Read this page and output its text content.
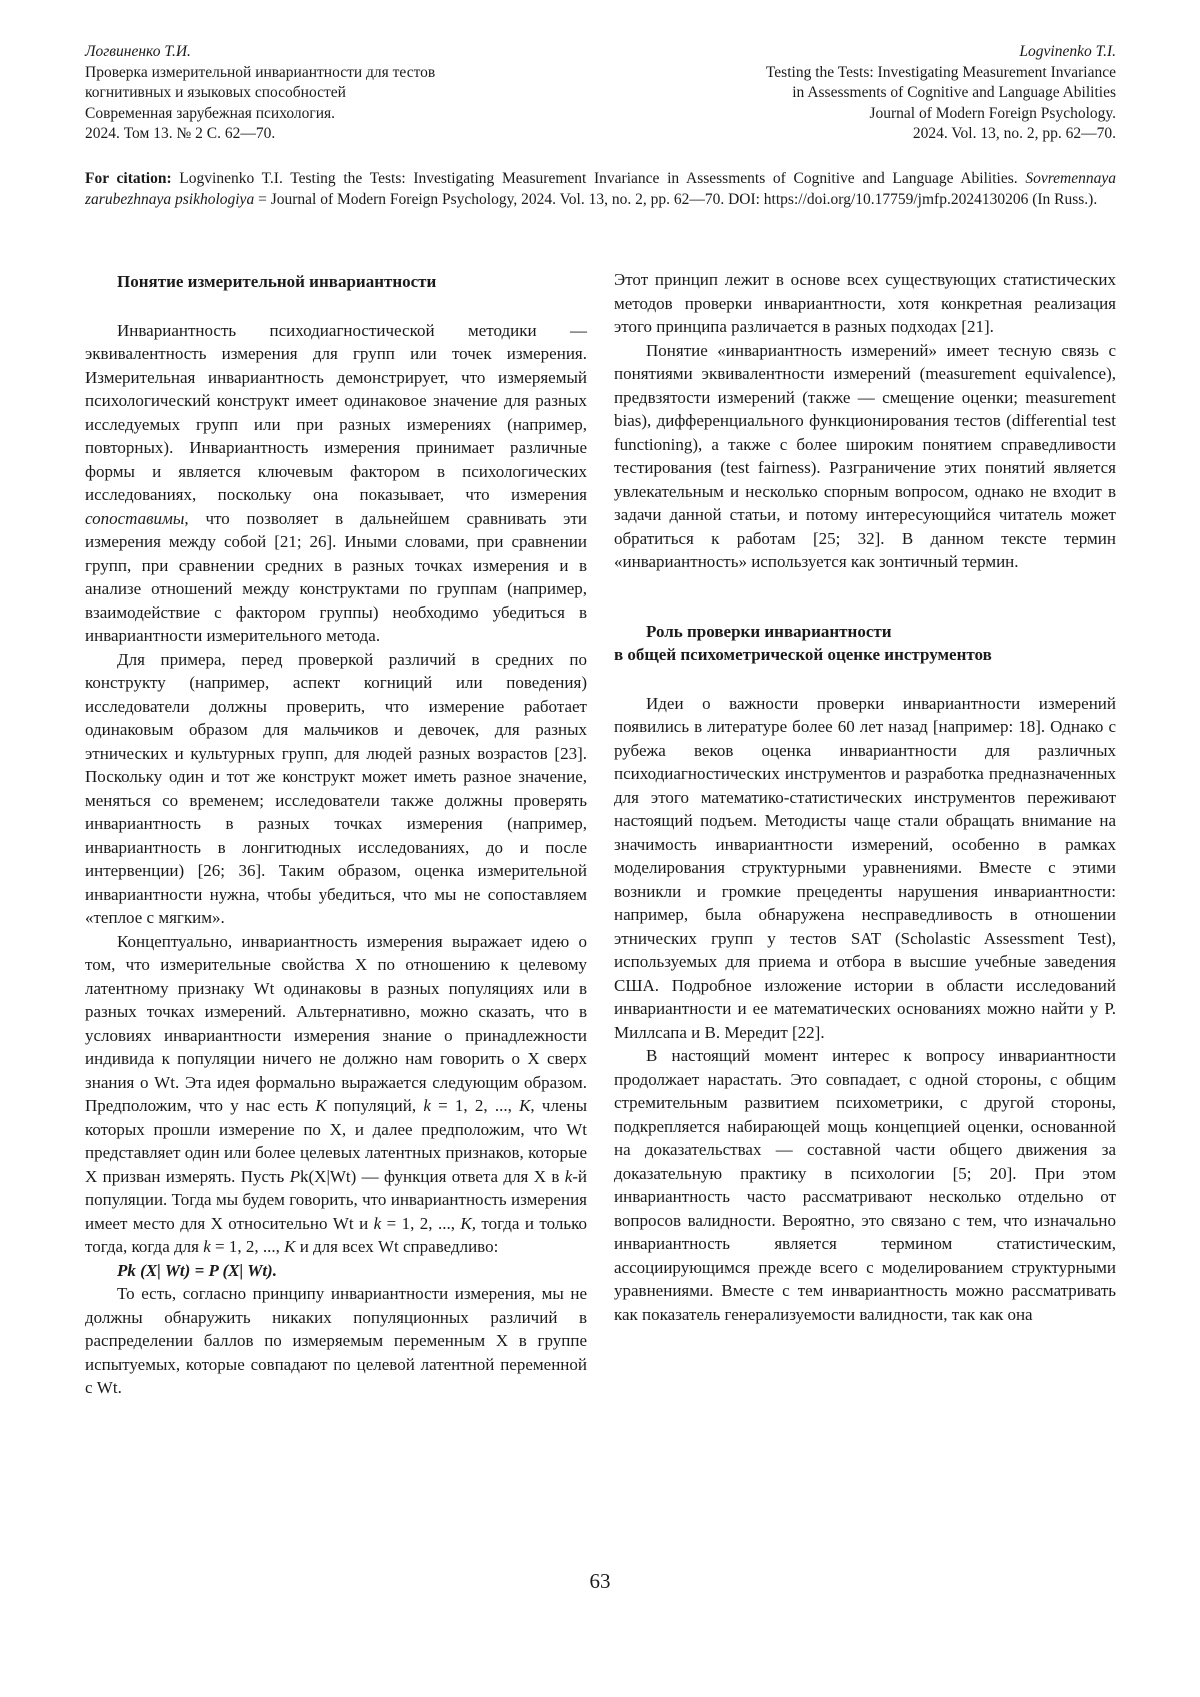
Логвиненко Т.И.
Проверка измерительной инвариантности для тестов
когнитивных и языковых способностей
Современная зарубежная психология.
2024. Том 13. № 2 С. 62—70.
Logvinenko T.I.
Testing the Tests: Investigating Measurement Invariance
in Assessments of Cognitive and Language Abilities
Journal of Modern Foreign Psychology.
2024. Vol. 13, no. 2, pp. 62—70.
For citation: Logvinenko T.I. Testing the Tests: Investigating Measurement Invariance in Assessments of Cognitive and Language Abilities. Sovremennaya zarubezhnaya psikhologiya = Journal of Modern Foreign Psychology, 2024. Vol. 13, no. 2, pp. 62—70. DOI: https://doi.org/10.17759/jmfp.2024130206 (In Russ.).

Понятие измерительной инвариантности

Инвариантность психодиагностической методики — эквивалентность измерения для групп или точек измерения. Измерительная инвариантность демонстрирует, что измеряемый психологический конструкт имеет одинаковое значение для разных исследуемых групп или при разных измерениях (например, повторных). Инвариантность измерения принимает различные формы и является ключевым фактором в психологических исследованиях, поскольку она показывает, что измерения сопоставимы, что позволяет в дальнейшем сравнивать эти измерения между собой [21; 26]. Иными словами, при сравнении групп, при сравнении средних в разных точках измерения и в анализе отношений между конструктами по группам (например, взаимодействие с фактором группы) необходимо убедиться в инвариантности измерительного метода.

Для примера, перед проверкой различий в средних по конструкту (например, аспект когниций или поведения) исследователи должны проверить, что измерение работает одинаковым образом для мальчиков и девочек, для разных этнических и культурных групп, для людей разных возрастов [23]. Поскольку один и тот же конструкт может иметь разное значение, меняться со временем; исследователи также должны проверять инвариантность в разных точках измерения (например, инвариантность в лонгитюдных исследованиях, до и после интервенции) [26; 36]. Таким образом, оценка измерительной инвариантности нужна, чтобы убедиться, что мы не сопоставляем «теплое с мягким».

Концептуально, инвариантность измерения выражает идею о том, что измерительные свойства X по отношению к целевому латентному признаку Wt одинаковы в разных популяциях или в разных точках измерений. Альтернативно, можно сказать, что в условиях инвариантности измерения знание о принадлежности индивида к популяции ничего не должно нам говорить о X сверх знания о Wt. Эта идея формально выражается следующим образом. Предположим, что у нас есть K популяций, k = 1, 2, ..., K, члены которых прошли измерение по X, и далее предположим, что Wt представляет один или более целевых латентных признаков, которые X призван измерять. Пусть Pk(X|Wt) — функция ответа для X в k-й популяции. Тогда мы будем говорить, что инвариантность измерения имеет место для X относительно Wt и k = 1, 2, ..., K, тогда и только тогда, когда для k = 1, 2, ..., K и для всех Wt справедливо:

Pk (X| Wt) = P (X| Wt).

То есть, согласно принципу инвариантности измерения, мы не должны обнаружить никаких популяционных различий в распределении баллов по измеряемым переменным X в группе испытуемых, которые совпадают по целевой латентной переменной с Wt.

Этот принцип лежит в основе всех существующих статистических методов проверки инвариантности, хотя конкретная реализация этого принципа различается в разных подходах [21].

Понятие «инвариантность измерений» имеет тесную связь с понятиями эквивалентности измерений (measurement equivalence), предвзятости измерений (также — смещение оценки; measurement bias), дифференциального функционирования тестов (differential test functioning), а также с более широким понятием справедливости тестирования (test fairness). Разграничение этих понятий является увлекательным и несколько спорным вопросом, однако не входит в задачи данной статьи, и потому интересующийся читатель может обратиться к работам [25; 32]. В данном тексте термин «инвариантность» используется как зонтичный термин.

Роль проверки инвариантности
в общей психометрической оценке инструментов

Идеи о важности проверки инвариантности измерений появились в литературе более 60 лет назад [например: 18]. Однако с рубежа веков оценка инвариантности для различных психодиагностических инструментов и разработка предназначенных для этого математико-статистических инструментов переживают настоящий подъем. Методисты чаще стали обращать внимание на значимость инвариантности измерений, особенно в рамках моделирования структурными уравнениями. Вместе с этими возникли и громкие прецеденты нарушения инвариантности: например, была обнаружена несправедливость в отношении этнических групп у тестов SAT (Scholastic Assessment Test), используемых для приема и отбора в высшие учебные заведения США. Подробное изложение истории в области исследований инвариантности и ее математических основаниях можно найти у Р. Миллсапа и В. Мередит [22].

В настоящий момент интерес к вопросу инвариантности продолжает нарастать. Это совпадает, с одной стороны, с общим стремительным развитием психометрики, с другой стороны, подкрепляется набирающей мощь концепцией оценки, основанной на доказательствах — составной части общего движения за доказательную практику в психологии [5; 20]. При этом инвариантность часто рассматривают несколько отдельно от вопросов валидности. Вероятно, это связано с тем, что изначально инвариантность является термином статистическим, ассоциирующимся прежде всего с моделированием структурными уравнениями. Вместе с тем инвариантность можно рассматривать как показатель генерализуемости валидности, так как она

63
